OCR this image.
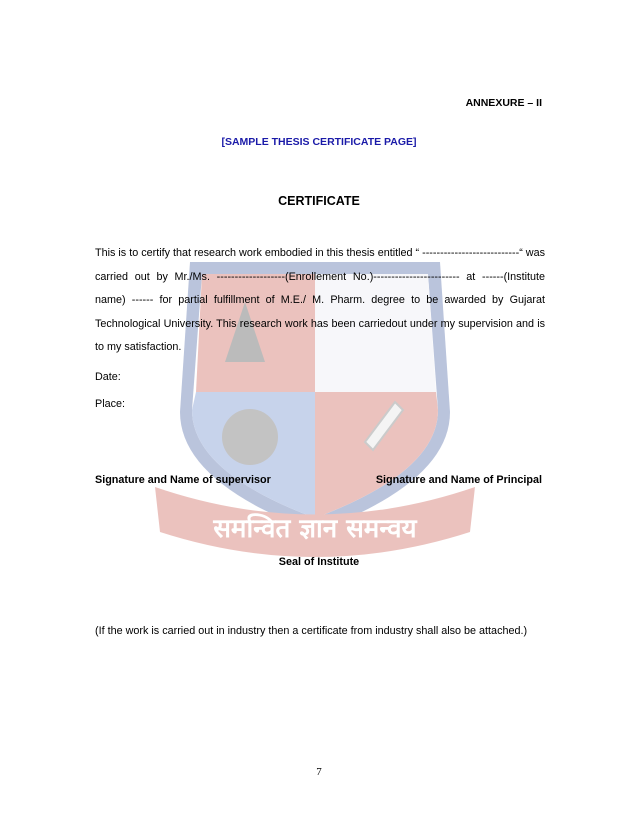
समन्वित ज्ञान समन्वय
ANNEXURE – II
[SAMPLE THESIS CERTIFICATE PAGE]
CERTIFICATE

This is to certify that research work embodied in this thesis entitled “ ---------------------------“ was carried out by Mr./Ms. -------------------(Enrollement No.)------------------------ at ------(Institute name) ------ for partial fulfillment of M.E./ M. Pharm. degree to be awarded by Gujarat Technological University. This research work has been carriedout under my supervision and is to my satisfaction.

Date:
Place:
Signature and Name of supervisor	Signature and Name of Principal
Seal of Institute

(If the work is carried out in industry then a certificate from industry shall also be attached.)

7
